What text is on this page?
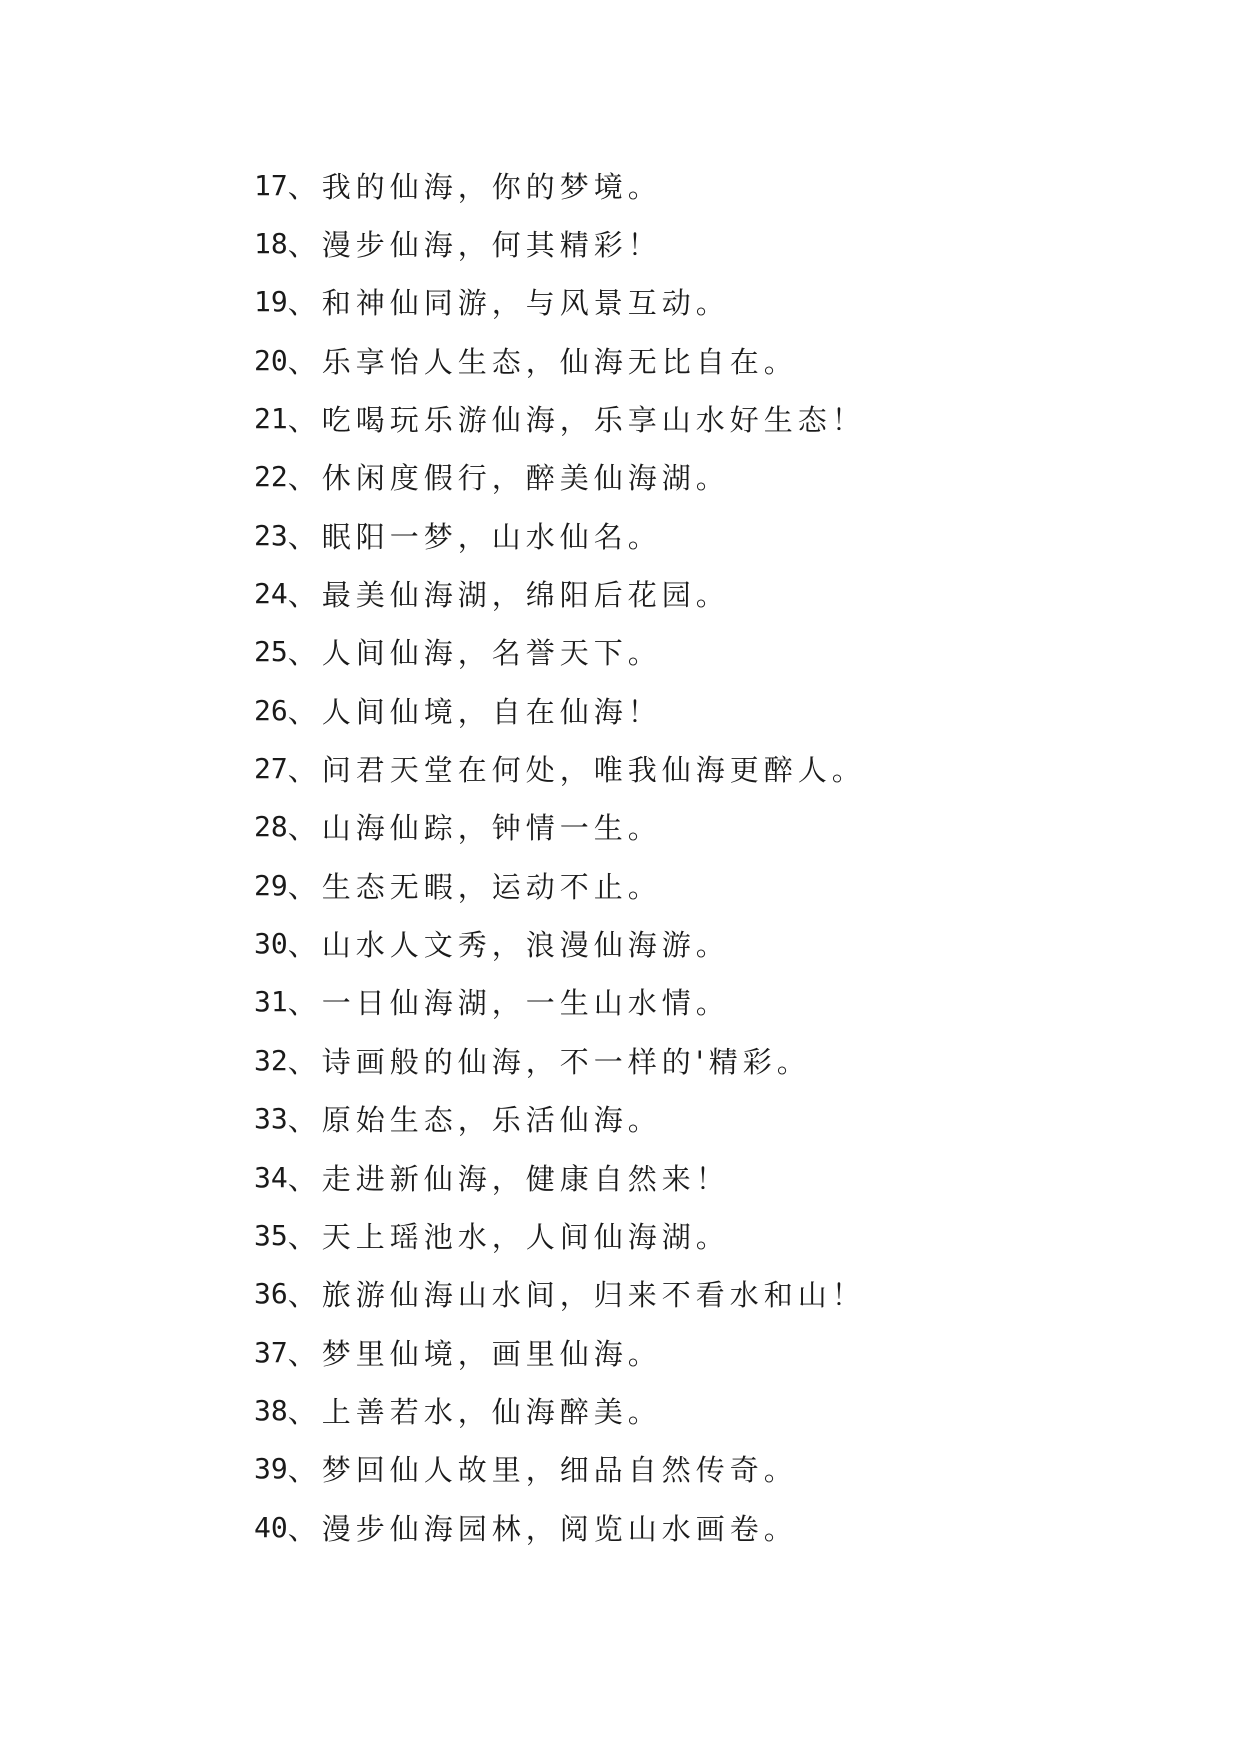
17 、 我的仙海，你的梦境。
18 、 漫步仙海，何其精彩！
19 、 和神仙同游，与风景互动。
20 、 乐享怡人生态，仙海无比自在。
21 、 吃喝玩乐游仙海，乐享山水好生态！
22 、 休闲度假行，醉美仙海湖。
23 、 眠阳一梦，山水仙名。
24 、 最美仙海湖，绵阳后花园。
25 、 人间仙海，名誉天下。
26 、 人间仙境，自在仙海！
27 、 问君天堂在何处，唯我仙海更醉人。
28 、 山海仙踪，钟情一生。
29 、 生态无暇，运动不止。
30 、 山水人文秀，浪漫仙海游。
31 、 一日仙海湖，一生山水情。
32 、 诗画般的仙海，不一样的'精彩。
33 、 原始生态，乐活仙海。
34 、 走进新仙海，健康自然来！
35 、 天上瑶池水，人间仙海湖。
36 、 旅游仙海山水间，归来不看水和山！
37 、 梦里仙境，画里仙海。
38 、 上善若水，仙海醉美。
39 、 梦回仙人故里，细品自然传奇。
40 、 漫步仙海园林，阅览山水画卷。
